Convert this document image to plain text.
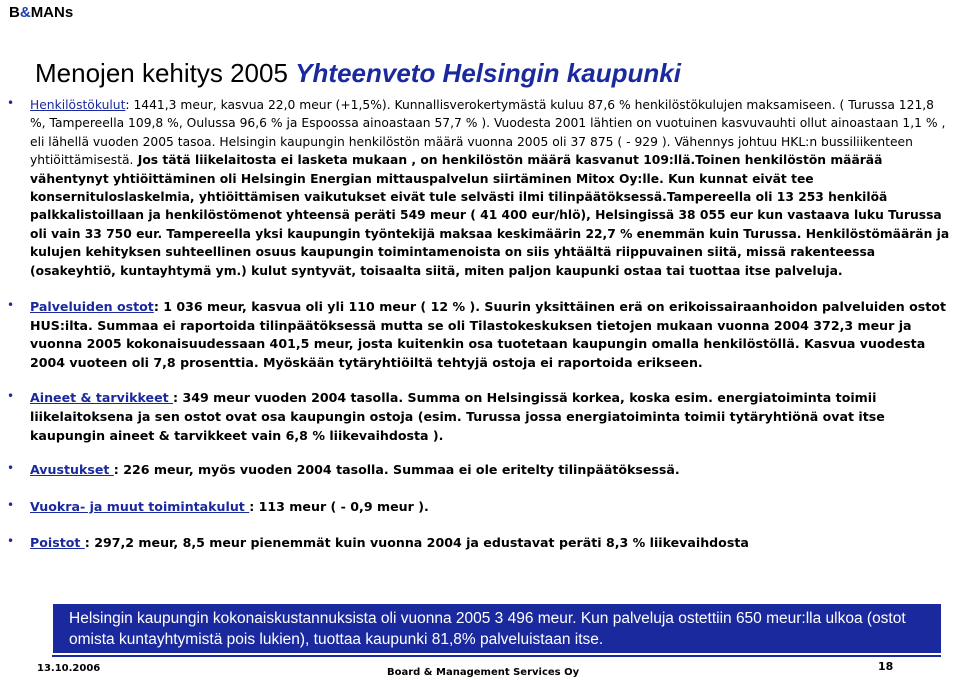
B&MANs
Menojen kehitys 2005 Yhteenveto Helsingin kaupunki
• Henkilöstökulut: 1441,3 meur, kasvua 22,0 meur (+1,5%). Kunnallisverokertymästä kuluu 87,6 % henkilöstökulujen maksamiseen. ( Turussa 121,8 %, Tampereella 109,8 %, Oulussa 96,6 % ja Espoossa ainoastaan 57,7 % ). Vuodesta 2001 lähtien on vuotuinen kasvuvauhti ollut ainoastaan 1,1 % , eli lähellä vuoden 2005 tasoa. Helsingin kaupungin henkilöstön määrä vuonna 2005 oli 37 875 ( - 929 ). Vähennys johtuu HKL:n bussiliikenteen yhtiöittämisestä. Jos tätä liikelaitosta ei lasketa mukaan , on henkilöstön määrä kasvanut 109:llä.Toinen henkilöstön määrää vähentynyt yhtiöittäminen oli Helsingin Energian mittauspalvelun siirtäminen Mitox Oy:lle. Kun kunnat eivät tee konsernituloslaskelmia, yhtiöittämisen vaikutukset eivät tule selvästi ilmi tilinpäätöksessä.Tampereella oli 13 253 henkilöä palkkalistoillaan ja henkilöstömenot yhteensä peräti 549 meur ( 41 400 eur/hlö), Helsingissä 38 055 eur kun vastaava luku Turussa oli vain 33 750 eur. Tampereella yksi kaupungin työntekijä maksaa keskimäärin 22,7 % enemmän kuin Turussa. Henkilöstömäärän ja kulujen kehityksen suhteellinen osuus kaupungin toimintamenoista on siis yhtäältä riippuvainen siitä, missä rakenteessa (osakeyhtiö, kuntayhtymä ym.) kulut syntyvät, toisaalta siitä, miten paljon kaupunki ostaa tai tuottaa itse palveluja.

• Palveluiden ostot: 1 036 meur, kasvua oli yli 110 meur ( 12 % ). Suurin yksittäinen erä on erikoissairaanhoidon palveluiden ostot HUS:ilta. Summaa ei raportoida tilinpäätöksessä mutta se oli Tilastokeskuksen tietojen mukaan vuonna 2004 372,3 meur ja vuonna 2005 kokonaisuudessaan 401,5 meur, josta kuitenkin osa tuotetaan kaupungin omalla henkilöstöllä. Kasvua vuodesta 2004 vuoteen oli 7,8 prosenttia. Myöskään tytäryhtiöiltä tehtyjä ostoja ei raportoida erikseen.

• Aineet & tarvikkeet : 349 meur vuoden 2004 tasolla. Summa on Helsingissä korkea, koska esim. energiatoiminta toimii liikelaitoksena ja sen ostot ovat osa kaupungin ostoja (esim. Turussa jossa energiatoiminta toimii tytäryhtiönä ovat itse kaupungin aineet & tarvikkeet vain 6,8 % liikevaihdosta ).

• Avustukset : 226 meur, myös vuoden 2004 tasolla. Summaa ei ole eritelty tilinpäätöksessä.

• Vuokra- ja muut toimintakulut : 113 meur ( - 0,9 meur ).

• Poistot : 297,2 meur, 8,5 meur pienemmät kuin vuonna 2004 ja edustavat peräti 8,3 % liikevaihdosta

Helsingin kaupungin kokonaiskustannuksista oli vuonna 2005 3 496 meur. Kun palveluja ostettiin 650 meur:lla ulkoa (ostot omista kuntayhtymistä pois lukien), tuottaa kaupunki 81,8% palveluistaan itse.
13.10.2006	Board & Management Services Oy	18
